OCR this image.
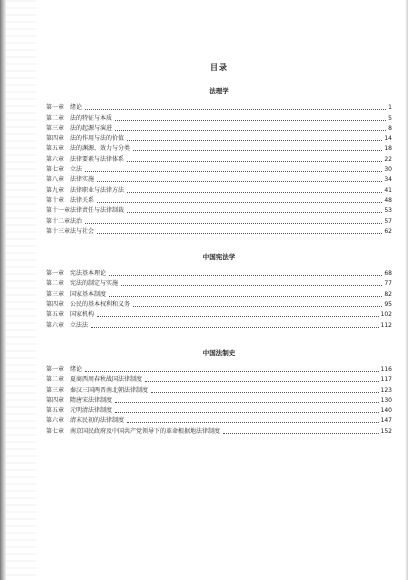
目录
法理学
第一章 绪论	1
第二章 法的特征与本质	5
第三章 法的起源与演进	8
第四章 法的作用与法的价值	14
第五章 法的渊源、效力与分类	18
第六章 法律要素与法律体系	22
第七章 立法	30
第八章 法律实施	34
第九章 法律职业与法律方法	41
第十章 法律关系	48
第十一章 法律责任与法律制裁	53
第十二章 法治	57
第十三章 法与社会	62
中国宪法学
第一章 宪法基本理论	68
第二章 宪法的制定与实施	77
第三章 国家基本制度	82
第四章 公民的基本权利和义务	95
第五章 国家机构	102
第六章 立法法	112
中国法制史
第一章 绪论	116
第二章 夏商西周春秋战国法律制度	117
第三章 秦汉三国两晋南北朝法律制度	123
第四章 隋唐宋法律制度	130
第五章 元明清法律制度	140
第六章 清末民初的法律制度	147
第七章 南京国民政府及中国共产党领导下的革命根据地法律制度	152
